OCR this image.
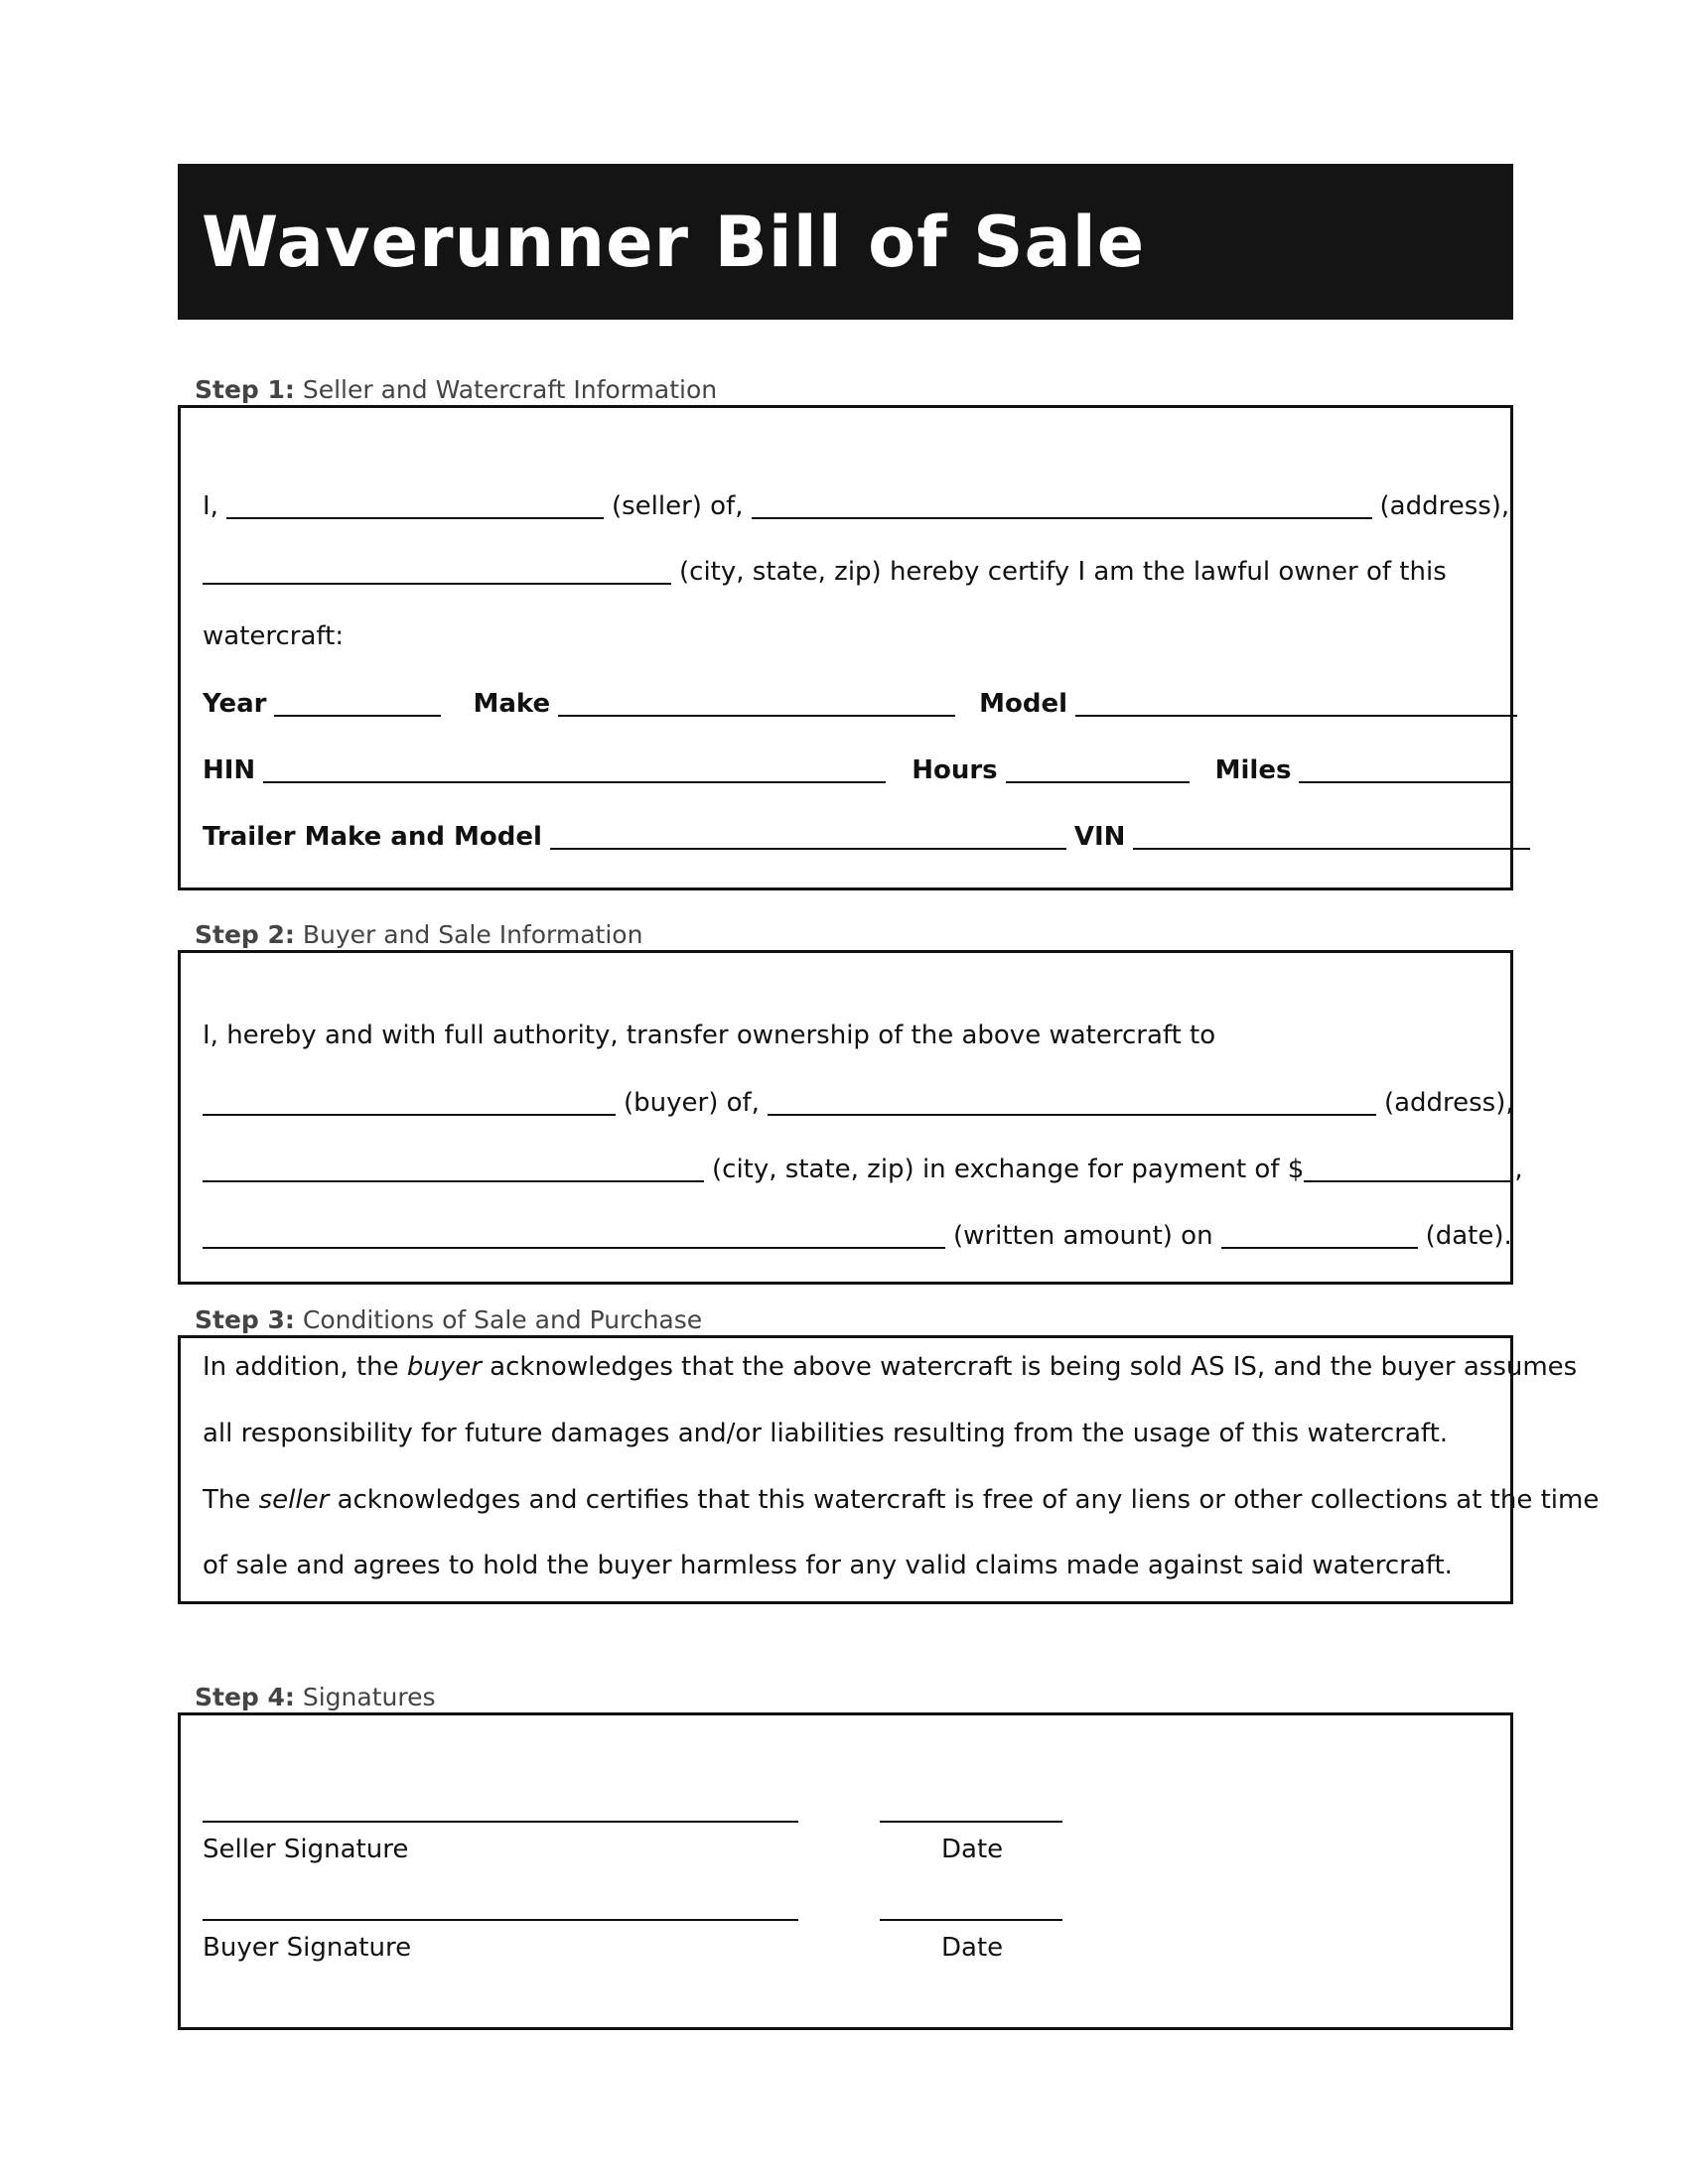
Waverunner Bill of Sale
Step 1: Seller and Watercraft Information
I,	(seller) of,	(address),
(city, state, zip) hereby certify I am the lawful owner of this
watercraft:
Year	Make	Model
HIN	Hours	Miles
Trailer Make and Model	VIN
Step 2: Buyer and Sale Information
I, hereby and with full authority, transfer ownership of the above watercraft to
(buyer) of,	(address),
(city, state, zip) in exchange for payment of $	,
(written amount) on	(date).
Step 3: Conditions of Sale and Purchase
In addition, the buyer acknowledges that the above watercraft is being sold AS IS, and the buyer assumes
all responsibility for future damages and/or liabilities resulting from the usage of this watercraft.
The seller acknowledges and certifies that this watercraft is free of any liens or other collections at the time
of sale and agrees to hold the buyer harmless for any valid claims made against said watercraft.
Step 4: Signatures
Seller Signature	Date
Buyer Signature	Date
